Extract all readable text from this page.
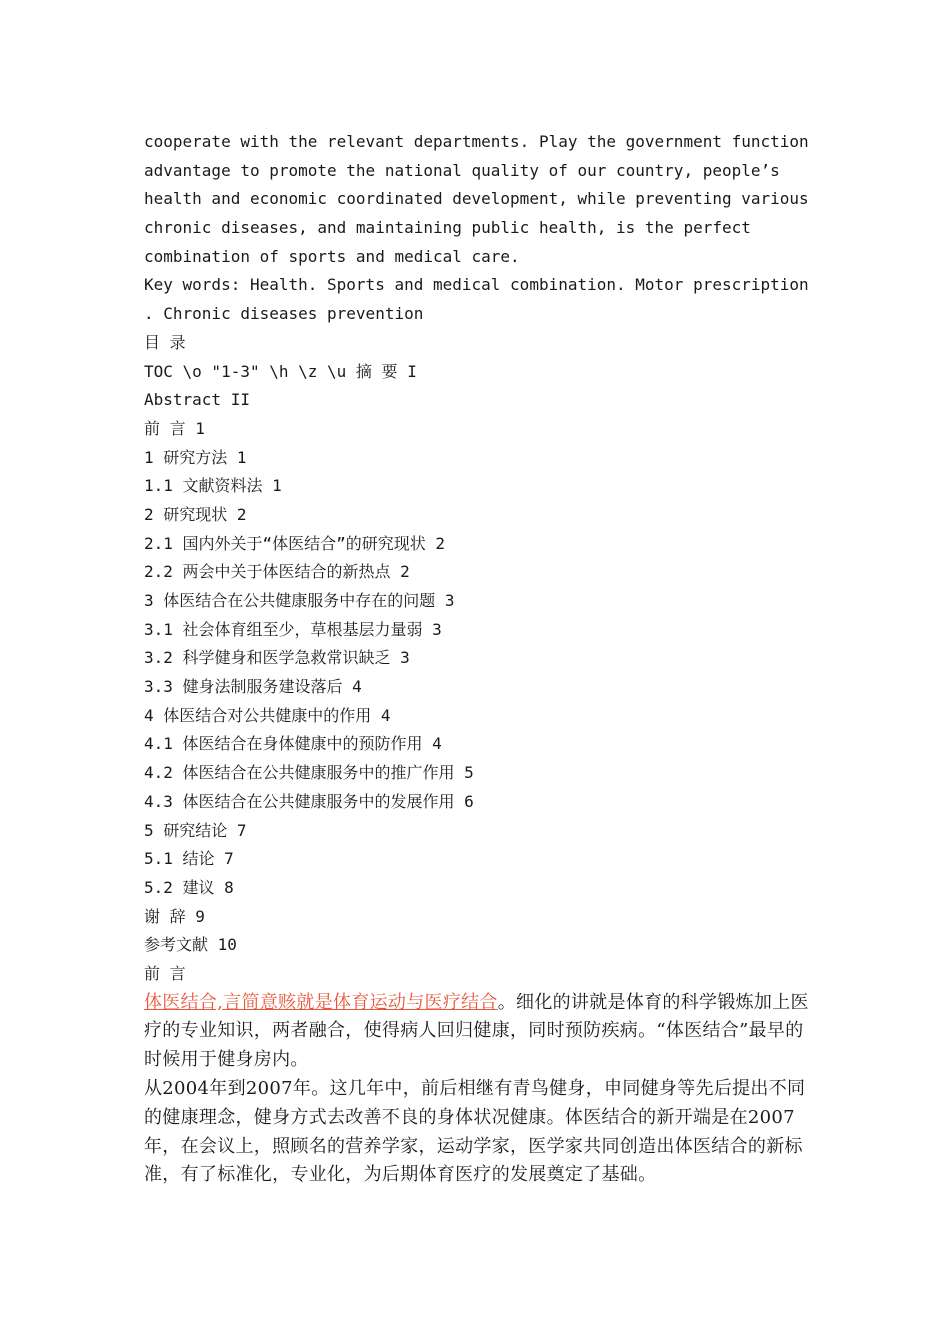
cooperate with the relevant departments. Play the government function
advantage to promote the national quality of our country, people’s
health and economic coordinated development, while preventing various
chronic diseases, and maintaining public health, is the perfect
combination of sports and medical care.
Key words: Health. Sports and medical combination. Motor prescription
. Chronic diseases prevention
目 录
TOC \o "1-3" \h \z \u 摘 要 I
Abstract II
前 言 1
1 研究方法 1
1.1 文献资料法 1
2 研究现状 2
2.1 国内外关于“体医结合”的研究现状 2
2.2 两会中关于体医结合的新热点 2
3 体医结合在公共健康服务中存在的问题 3
3.1 社会体育组至少，草根基层力量弱 3
3.2 科学健身和医学急救常识缺乏 3
3.3 健身法制服务建设落后 4
4 体医结合对公共健康中的作用 4
4.1 体医结合在身体健康中的预防作用 4
4.2 体医结合在公共健康服务中的推广作用 5
4.3 体医结合在公共健康服务中的发展作用 6
5 研究结论 7
5.1 结论 7
5.2 建议 8
谢 辞 9
参考文献 10
前 言

体医结合,言简意赅就是体育运动与医疗结合。细化的讲就是体育的科学锻炼加上医疗的专业知识，两者融合，使得病人回归健康，同时预防疾病。“体医结合”最早的时候用于健身房内。

从2004年到2007年。这几年中，前后相继有青鸟健身，申同健身等先后提出不同的健康理念，健身方式去改善不良的身体状况健康。体医结合的新开端是在2007年，在会议上，照顾名的营养学家，运动学家，医学家共同创造出体医结合的新标准，有了标准化，专业化，为后期体育医疗的发展奠定了基础。
